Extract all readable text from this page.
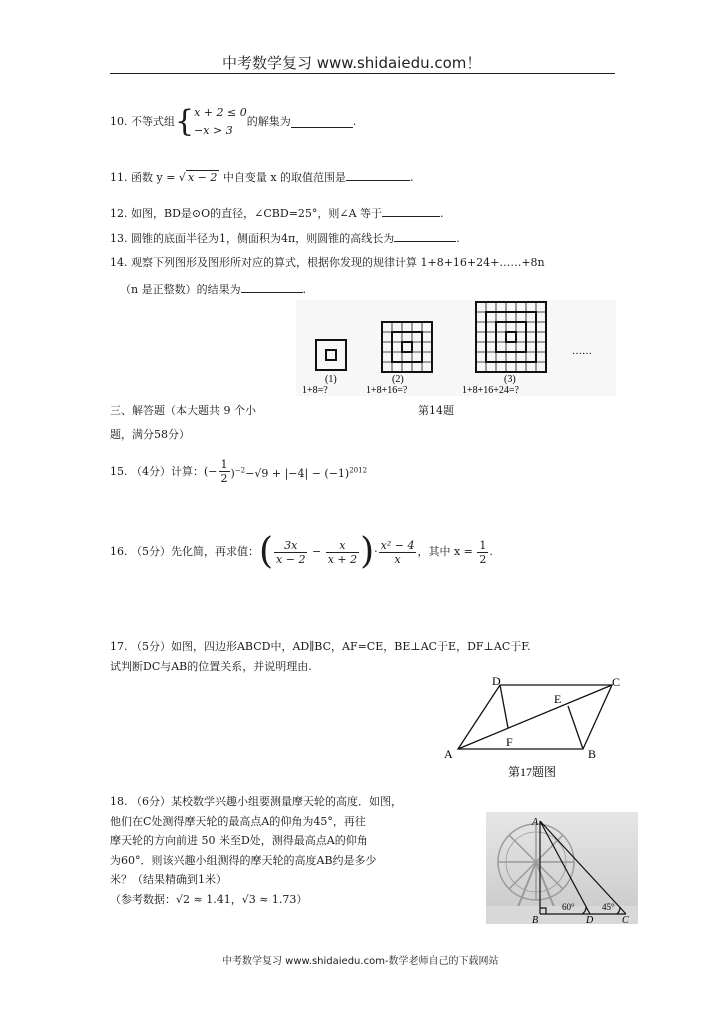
中考数学复习 www.shidaiedu.com！
10. 不等式组{ x + 2 ≤ 0
−x > 3
的解集为	.
11. 函数 y = √ x − 2 中自变量 x 的取值范围是	.
12. 如图，BD是⊙O的直径，∠CBD=25°，则∠A 等于	.
13. 圆锥的底面半径为1，侧面积为4π，则圆锥的高线长为	.
14. 观察下列图形及图形所对应的算式，根据你发现的规律计算 1+8+16+24+……+8n
（n 是正整数）的结果为	.
(1)	(2)	(3)
1+8=?	1+8+16=?	1+8+16+24=?
……
三、解答题（本大题共 9 个小	第14题
题，满分58分）
15. （4分）计算：(− $\frac{1}{2} )^{-2}-√9 + |-4| - (-1)^{2012}$
16. （5分）先化简，再求值：( $\frac{3x}{x - 2} - \frac{x}{x + 2}$ )· $\frac{\text{x² − 4}}{x}$ ，其中 $x = \frac{1}{2}$ .
17. （5分）如图，四边形ABCD中，AD∥BC，AF=CE，BE⊥AC于E，DF⊥AC于F.
试判断DC与AB的位置关系，并说明理由.
D	C
A	B
E
F
第17题图
18. （6分）某校数学兴趣小组要测量摩天轮的高度．如图，
他们在C处测得摩天轮的最高点A的仰角为45°，再往
摩天轮的方向前进 50 米至D处，测得最高点A的仰角
为60°．则该兴趣小组测得的摩天轮的高度AB约是多少
米？（结果精确到1米）
（参考数据：√2 ≈ 1.41，√3 ≈ 1.73）
A
B	D	C
60°	45°
中考数学复习 www.shidaiedu.com-数学老师自己的下载网站
